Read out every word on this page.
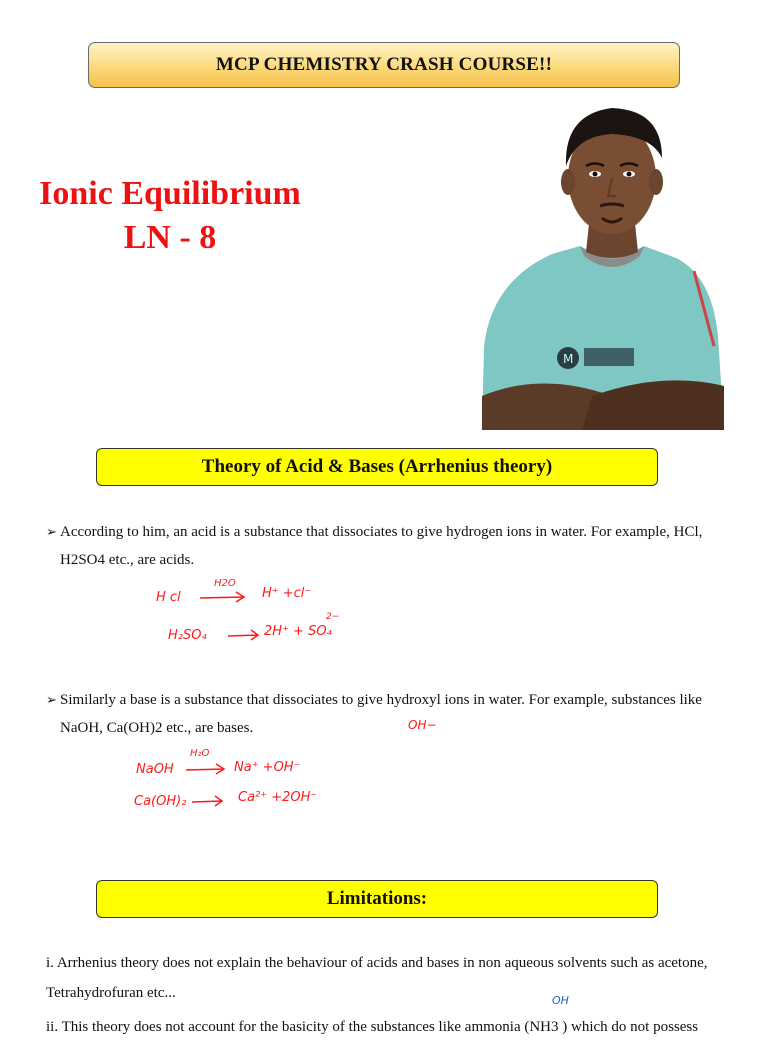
MCP CHEMISTRY CRASH COURSE!!
Ionic Equilibrium
LN - 8
M
Theory of Acid & Bases (Arrhenius theory)
➢ According to him, an acid is a substance that dissociates to give hydrogen ions in water. For example, HCl,
H2SO4 etc., are acids.
H cl
H2O
→ H⁺ +cl⁻
H₂SO₄ → 2H⁺ + SO₄
2−
➢ Similarly a base is a substance that dissociates to give hydroxyl ions in water. For example, substances like
NaOH, Ca(OH)2 etc., are bases.	OH−
NaOH
H₂O
→ Na⁺ +OH⁻
Ca(OH)₂ → Ca²⁺ +2OH⁻
Limitations:
i. Arrhenius theory does not explain the behaviour of acids and bases in non aqueous solvents such as acetone,
Tetrahydrofuran etc...	OH
ii. This theory does not account for the basicity of the substances like ammonia (NH3 ) which do not possess
